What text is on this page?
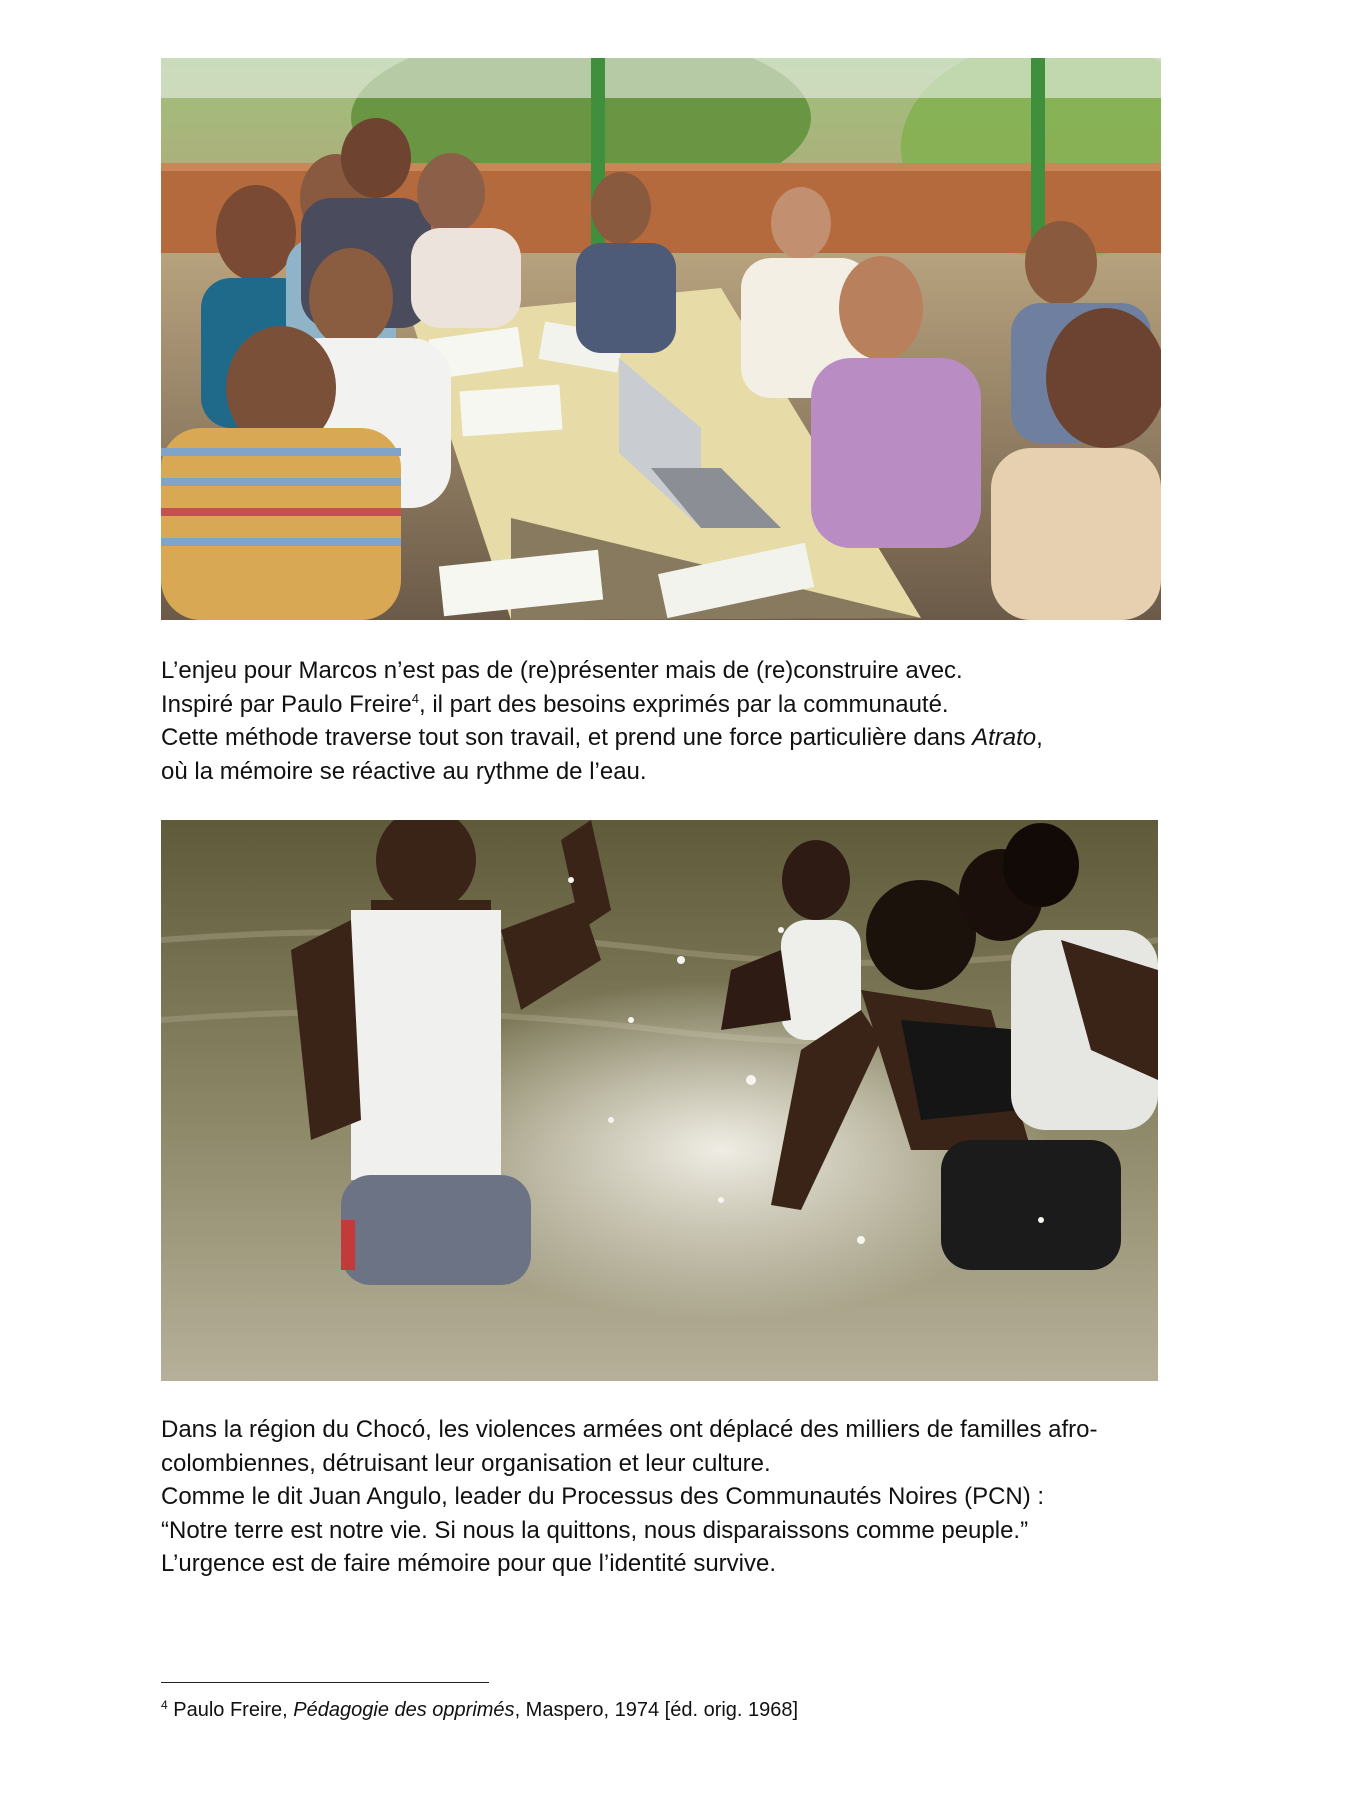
L’enjeu pour Marcos n’est pas de (re)présenter mais de (re)construire avec.
Inspiré par Paulo Freire$^4$, il part des besoins exprimés par la communauté.
Cette méthode traverse tout son travail, et prend une force particulière dans Atrato,
où la mémoire se réactive au rythme de l’eau.

Dans la région du Chocó, les violences armées ont déplacé des milliers de familles afro-
colombiennes, détruisant leur organisation et leur culture.
Comme le dit Juan Angulo, leader du Processus des Communautés Noires (PCN) :
“Notre terre est notre vie. Si nous la quittons, nous disparaissons comme peuple.”
L’urgence est de faire mémoire pour que l’identité survive.

$^4$ Paulo Freire, Pédagogie des opprimés, Maspero, 1974 [éd. orig. 1968]
